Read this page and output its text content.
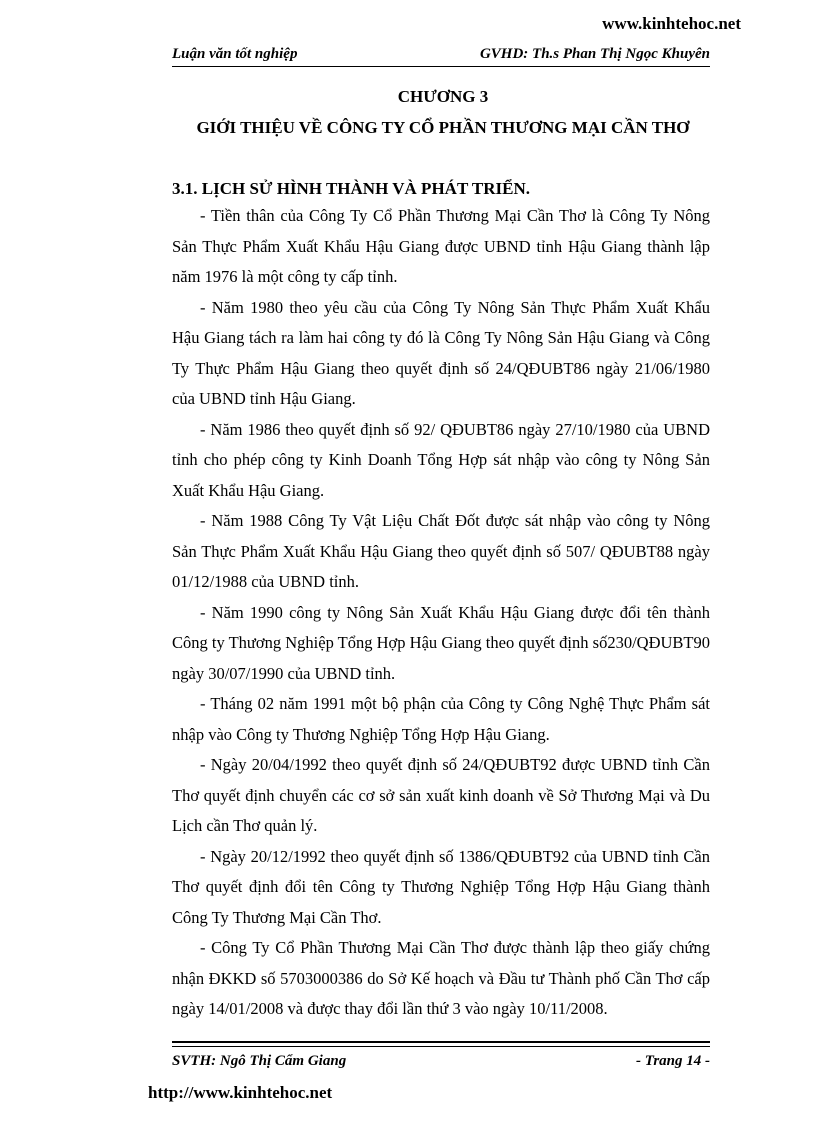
www.kinhtehoc.net
Luận văn tốt nghiệp	GVHD: Th.s Phan Thị Ngọc Khuyên
CHƯƠNG 3
GIỚI THIỆU VỀ CÔNG TY CỔ PHẦN THƯƠNG MẠI CẦN THƠ
3.1. LỊCH SỬ HÌNH THÀNH VÀ PHÁT TRIỂN.

- Tiền thân của Công Ty Cổ Phần Thương Mại Cần Thơ là Công Ty Nông Sản Thực Phẩm Xuất Khẩu Hậu Giang được UBND tỉnh Hậu Giang thành lập năm 1976 là một công ty cấp tỉnh.

- Năm 1980 theo yêu cầu của Công Ty Nông Sản Thực Phẩm Xuất Khẩu Hậu Giang tách ra làm hai công ty đó là Công Ty Nông Sản Hậu Giang và Công Ty Thực Phẩm Hậu Giang theo quyết định số 24/QĐUBT86 ngày 21/06/1980 của UBND tỉnh Hậu Giang.

- Năm 1986 theo quyết định số 92/ QĐUBT86 ngày 27/10/1980 của UBND tỉnh cho phép công ty Kinh Doanh Tổng Hợp sát nhập vào công ty Nông Sản Xuất Khẩu Hậu Giang.

- Năm 1988 Công Ty Vật Liệu Chất Đốt được sát nhập vào công ty Nông Sản Thực Phẩm Xuất Khẩu Hậu Giang theo quyết định số 507/ QĐUBT88 ngày 01/12/1988 của UBND tỉnh.

- Năm 1990 công ty Nông Sản Xuất Khẩu Hậu Giang được đổi tên thành Công ty Thương Nghiệp Tổng Hợp Hậu Giang theo quyết định số230/QĐUBT90 ngày 30/07/1990 của UBND tỉnh.

- Tháng 02 năm 1991 một bộ phận của Công ty Công Nghệ Thực Phẩm sát nhập vào Công ty Thương Nghiệp Tổng Hợp Hậu Giang.

- Ngày 20/04/1992 theo quyết định số 24/QĐUBT92 được UBND tỉnh Cần Thơ quyết định chuyển các cơ sở sản xuất kinh doanh về Sở Thương Mại và Du Lịch cần Thơ quản lý.

- Ngày 20/12/1992 theo quyết định số 1386/QĐUBT92 của UBND tỉnh Cần Thơ quyết định đổi tên Công ty Thương Nghiệp Tổng Hợp Hậu Giang thành Công Ty Thương Mại Cần Thơ.

- Công Ty Cổ Phần Thương Mại Cần Thơ được thành lập theo giấy chứng nhận ĐKKD số 5703000386 do Sở Kế hoạch và Đầu tư Thành phố Cần Thơ cấp ngày 14/01/2008 và được thay đổi lần thứ 3 vào ngày 10/11/2008.

SVTH: Ngô Thị Cẩm Giang	- Trang 14 -
http://www.kinhtehoc.net
